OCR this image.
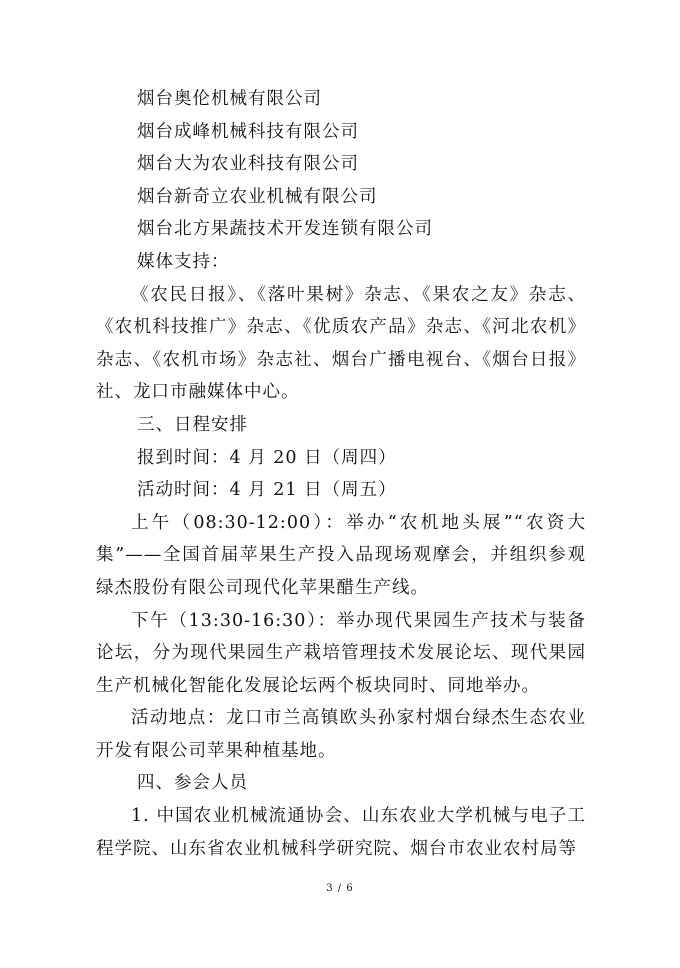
烟台奥伦机械有限公司
烟台成峰机械科技有限公司
烟台大为农业科技有限公司
烟台新奇立农业机械有限公司
烟台北方果蔬技术开发连锁有限公司
媒体支持：
《农民日报》、《落叶果树》杂志、《果农之友》杂志、《农机科技推广》杂志、《优质农产品》杂志、《河北农机》杂志、《农机市场》杂志社、烟台广播电视台、《烟台日报》社、龙口市融媒体中心。
三、日程安排
报到时间：4 月 20 日（周四）
活动时间：4 月 21 日（周五）
上午（08:30-12:00）：举办“农机地头展”“农资大集”——全国首届苹果生产投入品现场观摩会，并组织参观绿杰股份有限公司现代化苹果醋生产线。
下午（13:30-16:30）：举办现代果园生产技术与装备论坛，分为现代果园生产栽培管理技术发展论坛、现代果园生产机械化智能化发展论坛两个板块同时、同地举办。
活动地点：龙口市兰高镇欧头孙家村烟台绿杰生态农业开发有限公司苹果种植基地。
四、参会人员
1. 中国农业机械流通协会、山东农业大学机械与电子工程学院、山东省农业机械科学研究院、烟台市农业农村局等
3 / 6
